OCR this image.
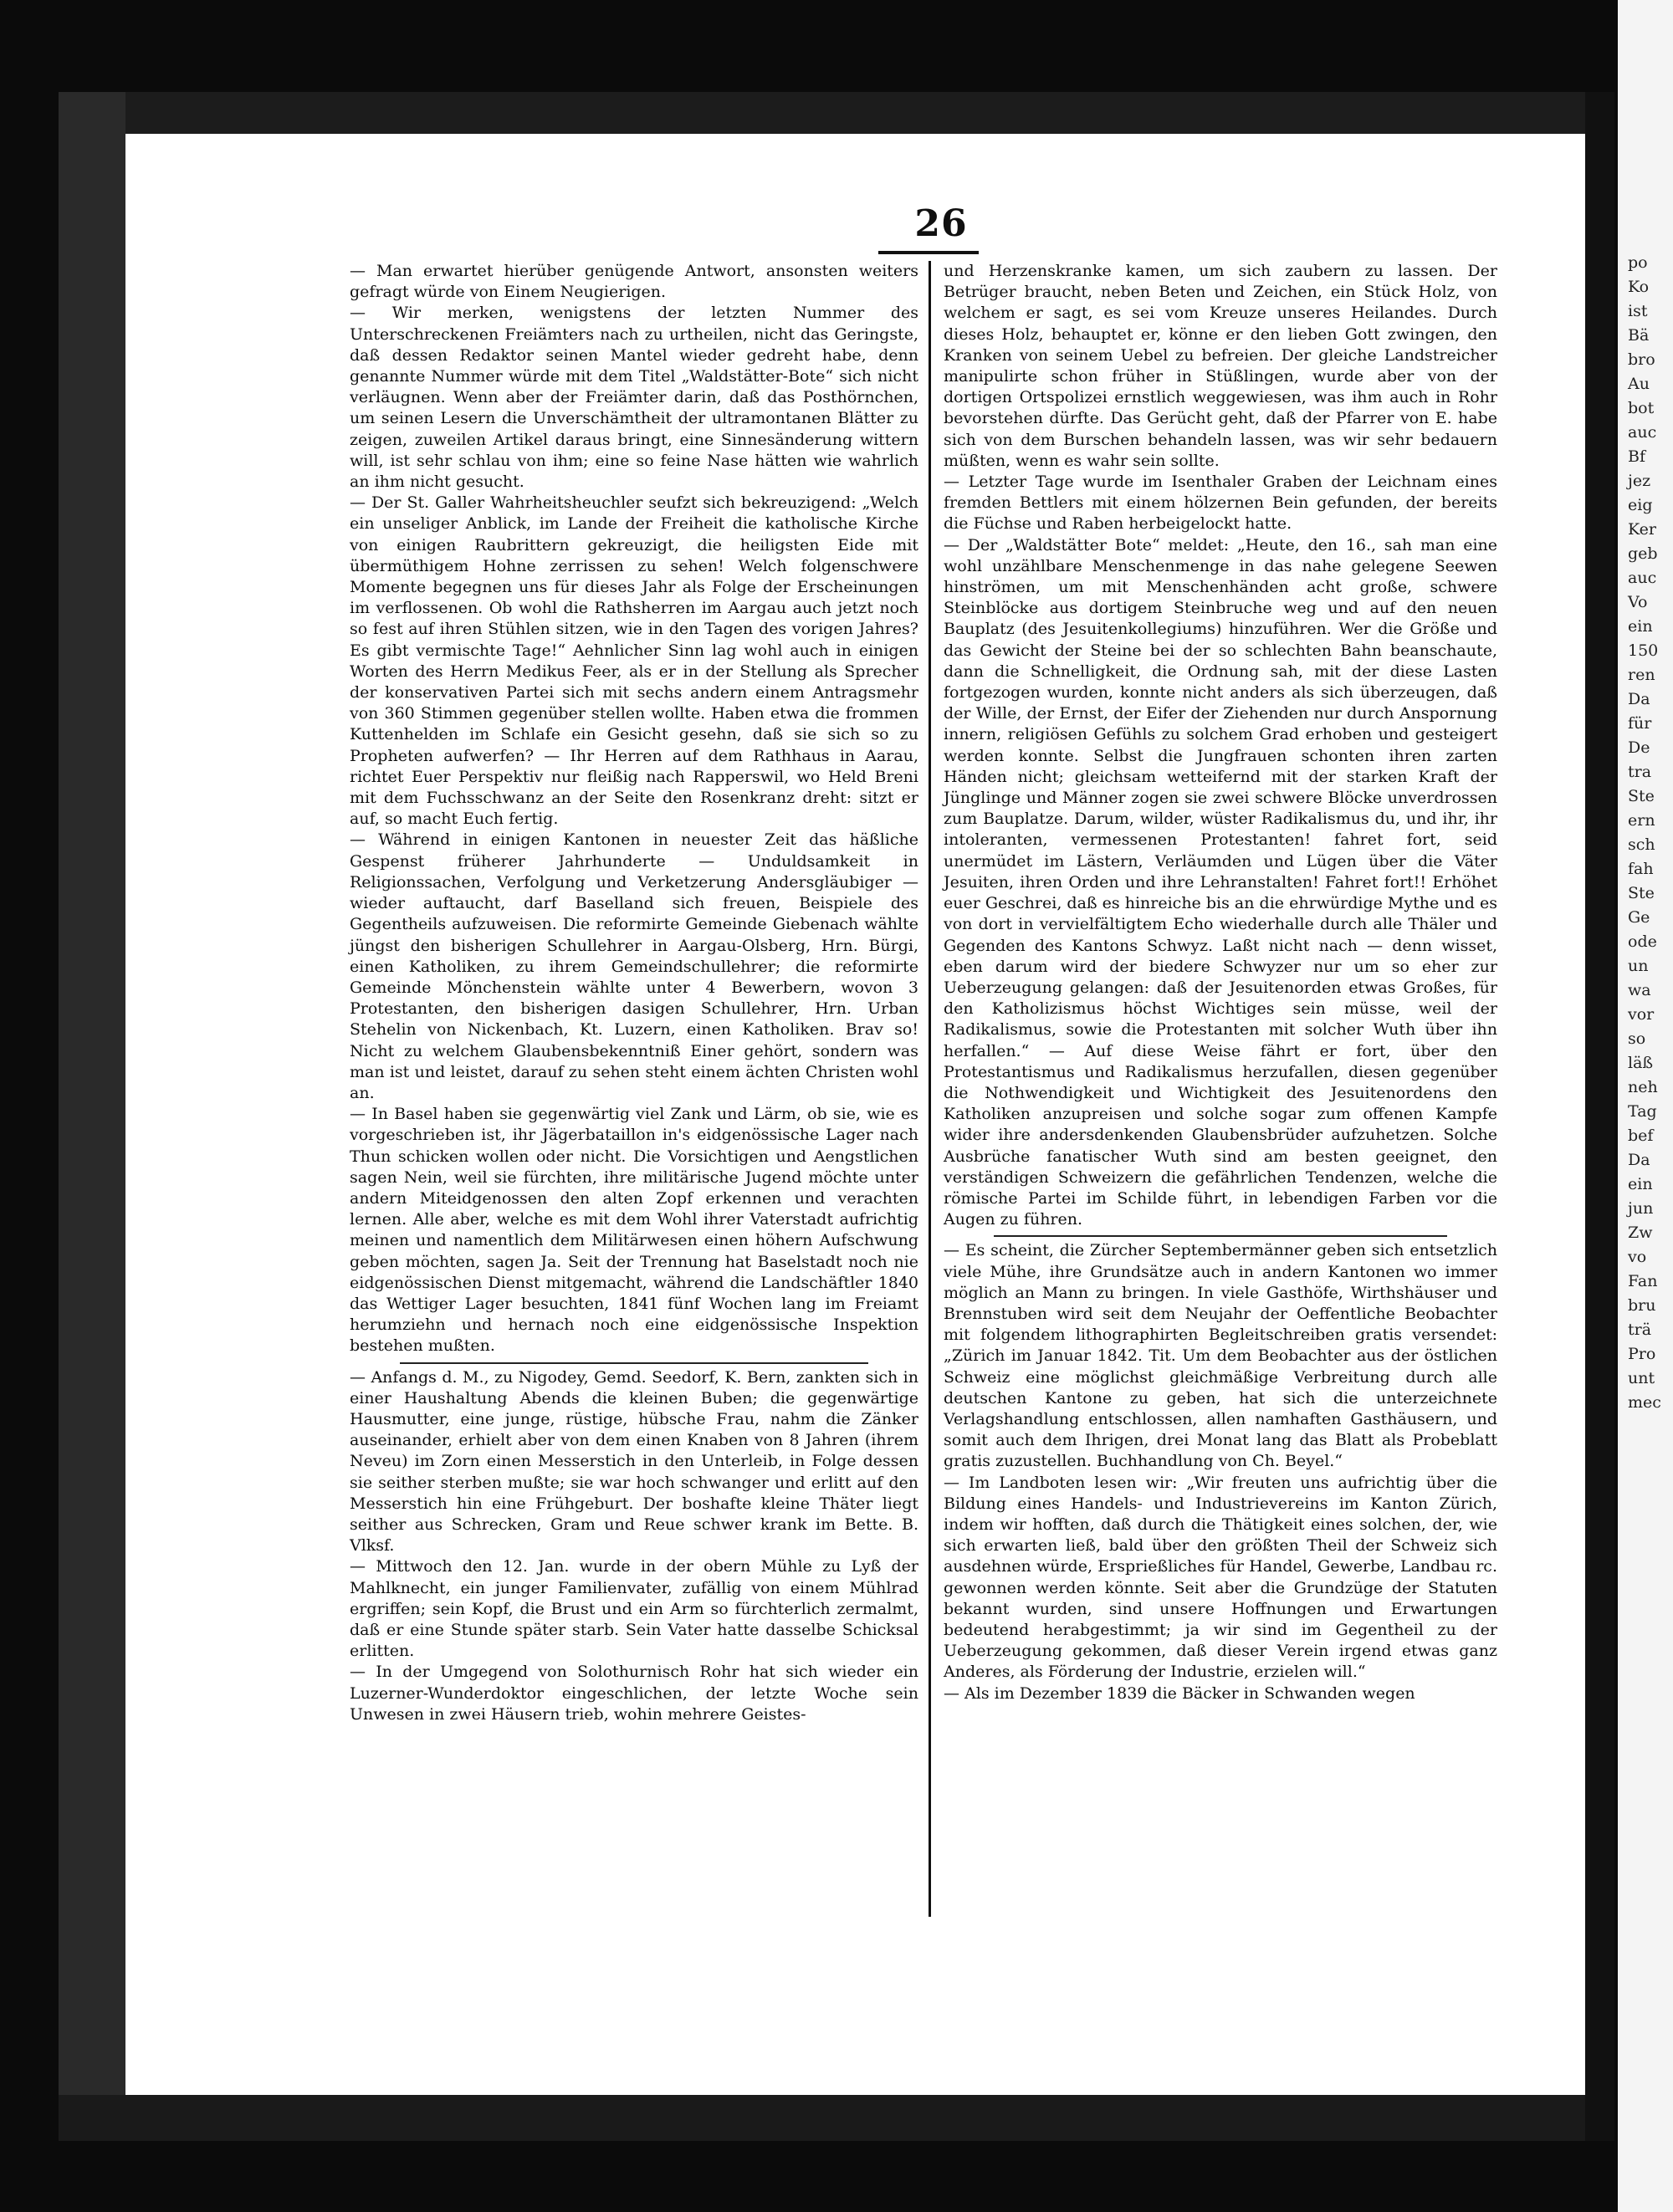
26

— Man erwartet hierüber genügende Antwort, ansonsten weiters gefragt würde von Einem Neugierigen.

— Wir merken, wenigstens der letzten Nummer des Unterschreckenen Freiämters nach zu urtheilen, nicht das Geringste, daß dessen Redaktor seinen Mantel wieder gedreht habe, denn genannte Nummer würde mit dem Titel „Waldstätter-Bote“ sich nicht verläugnen. Wenn aber der Freiämter darin, daß das Posthörnchen, um seinen Lesern die Unverschämtheit der ultramontanen Blätter zu zeigen, zuweilen Artikel daraus bringt, eine Sinnesänderung wittern will, ist sehr schlau von ihm; eine so feine Nase hätten wie wahrlich an ihm nicht gesucht.

— Der St. Galler Wahrheitsheuchler seufzt sich bekreuzigend: „Welch ein unseliger Anblick, im Lande der Freiheit die katholische Kirche von einigen Raubrittern gekreuzigt, die heiligsten Eide mit übermüthigem Hohne zerrissen zu sehen! Welch folgenschwere Momente begegnen uns für dieses Jahr als Folge der Erscheinungen im verflossenen. Ob wohl die Rathsherren im Aargau auch jetzt noch so fest auf ihren Stühlen sitzen, wie in den Tagen des vorigen Jahres? Es gibt vermischte Tage!“ Aehnlicher Sinn lag wohl auch in einigen Worten des Herrn Medikus Feer, als er in der Stellung als Sprecher der konservativen Partei sich mit sechs andern einem Antragsmehr von 360 Stimmen gegenüber stellen wollte. Haben etwa die frommen Kuttenhelden im Schlafe ein Gesicht gesehn, daß sie sich so zu Propheten aufwerfen? — Ihr Herren auf dem Rathhaus in Aarau, richtet Euer Perspektiv nur fleißig nach Rapperswil, wo Held Breni mit dem Fuchsschwanz an der Seite den Rosenkranz dreht: sitzt er auf, so macht Euch fertig.

— Während in einigen Kantonen in neuester Zeit das häßliche Gespenst früherer Jahrhunderte — Unduldsamkeit in Religionssachen, Verfolgung und Verketzerung Andersgläubiger — wieder auftaucht, darf Baselland sich freuen, Beispiele des Gegentheils aufzuweisen. Die reformirte Gemeinde Giebenach wählte jüngst den bisherigen Schullehrer in Aargau-Olsberg, Hrn. Bürgi, einen Katholiken, zu ihrem Gemeindschullehrer; die reformirte Gemeinde Mönchenstein wählte unter 4 Bewerbern, wovon 3 Protestanten, den bisherigen dasigen Schullehrer, Hrn. Urban Stehelin von Nickenbach, Kt. Luzern, einen Katholiken. Brav so! Nicht zu welchem Glaubensbekenntniß Einer gehört, sondern was man ist und leistet, darauf zu sehen steht einem ächten Christen wohl an.

— In Basel haben sie gegenwärtig viel Zank und Lärm, ob sie, wie es vorgeschrieben ist, ihr Jägerbataillon in's eidgenössische Lager nach Thun schicken wollen oder nicht. Die Vorsichtigen und Aengstlichen sagen Nein, weil sie fürchten, ihre militärische Jugend möchte unter andern Miteidgenossen den alten Zopf erkennen und verachten lernen. Alle aber, welche es mit dem Wohl ihrer Vaterstadt aufrichtig meinen und namentlich dem Militärwesen einen höhern Aufschwung geben möchten, sagen Ja. Seit der Trennung hat Baselstadt noch nie eidgenössischen Dienst mitgemacht, während die Landschäftler 1840 das Wettiger Lager besuchten, 1841 fünf Wochen lang im Freiamt herumziehn und hernach noch eine eidgenössische Inspektion bestehen mußten.

— Anfangs d. M., zu Nigodey, Gemd. Seedorf, K. Bern, zankten sich in einer Haushaltung Abends die kleinen Buben; die gegenwärtige Hausmutter, eine junge, rüstige, hübsche Frau, nahm die Zänker auseinander, erhielt aber von dem einen Knaben von 8 Jahren (ihrem Neveu) im Zorn einen Messerstich in den Unterleib, in Folge dessen sie seither sterben mußte; sie war hoch schwanger und erlitt auf den Messerstich hin eine Frühgeburt. Der boshafte kleine Thäter liegt seither aus Schrecken, Gram und Reue schwer krank im Bette. B. Vlksf.

— Mittwoch den 12. Jan. wurde in der obern Mühle zu Lyß der Mahlknecht, ein junger Familienvater, zufällig von einem Mühlrad ergriffen; sein Kopf, die Brust und ein Arm so fürchterlich zermalmt, daß er eine Stunde später starb. Sein Vater hatte dasselbe Schicksal erlitten.

— In der Umgegend von Solothurnisch Rohr hat sich wieder ein Luzerner-Wunderdoktor eingeschlichen, der letzte Woche sein Unwesen in zwei Häusern trieb, wohin mehrere Geistes-

und Herzenskranke kamen, um sich zaubern zu lassen. Der Betrüger braucht, neben Beten und Zeichen, ein Stück Holz, von welchem er sagt, es sei vom Kreuze unseres Heilandes. Durch dieses Holz, behauptet er, könne er den lieben Gott zwingen, den Kranken von seinem Uebel zu befreien. Der gleiche Landstreicher manipulirte schon früher in Stüßlingen, wurde aber von der dortigen Ortspolizei ernstlich weggewiesen, was ihm auch in Rohr bevorstehen dürfte. Das Gerücht geht, daß der Pfarrer von E. habe sich von dem Burschen behandeln lassen, was wir sehr bedauern müßten, wenn es wahr sein sollte.

— Letzter Tage wurde im Isenthaler Graben der Leichnam eines fremden Bettlers mit einem hölzernen Bein gefunden, der bereits die Füchse und Raben herbeigelockt hatte.

— Der „Waldstätter Bote“ meldet: „Heute, den 16., sah man eine wohl unzählbare Menschenmenge in das nahe gelegene Seewen hinströmen, um mit Menschenhänden acht große, schwere Steinblöcke aus dortigem Steinbruche weg und auf den neuen Bauplatz (des Jesuitenkollegiums) hinzuführen. Wer die Größe und das Gewicht der Steine bei der so schlechten Bahn beanschaute, dann die Schnelligkeit, die Ordnung sah, mit der diese Lasten fortgezogen wurden, konnte nicht anders als sich überzeugen, daß der Wille, der Ernst, der Eifer der Ziehenden nur durch Anspornung innern, religiösen Gefühls zu solchem Grad erhoben und gesteigert werden konnte. Selbst die Jungfrauen schonten ihren zarten Händen nicht; gleichsam wetteifernd mit der starken Kraft der Jünglinge und Männer zogen sie zwei schwere Blöcke unverdrossen zum Bauplatze. Darum, wilder, wüster Radikalismus du, und ihr, ihr intoleranten, vermessenen Protestanten! fahret fort, seid unermüdet im Lästern, Verläumden und Lügen über die Väter Jesuiten, ihren Orden und ihre Lehranstalten! Fahret fort!! Erhöhet euer Geschrei, daß es hinreiche bis an die ehrwürdige Mythe und es von dort in vervielfältigtem Echo wiederhalle durch alle Thäler und Gegenden des Kantons Schwyz. Laßt nicht nach — denn wisset, eben darum wird der biedere Schwyzer nur um so eher zur Ueberzeugung gelangen: daß der Jesuitenorden etwas Großes, für den Katholizismus höchst Wichtiges sein müsse, weil der Radikalismus, sowie die Protestanten mit solcher Wuth über ihn herfallen.“ — Auf diese Weise fährt er fort, über den Protestantismus und Radikalismus herzufallen, diesen gegenüber die Nothwendigkeit und Wichtigkeit des Jesuitenordens den Katholiken anzupreisen und solche sogar zum offenen Kampfe wider ihre andersdenkenden Glaubensbrüder aufzuhetzen. Solche Ausbrüche fanatischer Wuth sind am besten geeignet, den verständigen Schweizern die gefährlichen Tendenzen, welche die römische Partei im Schilde führt, in lebendigen Farben vor die Augen zu führen.

— Es scheint, die Zürcher Septembermänner geben sich entsetzlich viele Mühe, ihre Grundsätze auch in andern Kantonen wo immer möglich an Mann zu bringen. In viele Gasthöfe, Wirthshäuser und Brennstuben wird seit dem Neujahr der Oeffentliche Beobachter mit folgendem lithographirten Begleitschreiben gratis versendet: „Zürich im Januar 1842. Tit. Um dem Beobachter aus der östlichen Schweiz eine möglichst gleichmäßige Verbreitung durch alle deutschen Kantone zu geben, hat sich die unterzeichnete Verlagshandlung entschlossen, allen namhaften Gasthäusern, und somit auch dem Ihrigen, drei Monat lang das Blatt als Probeblatt gratis zuzustellen. Buchhandlung von Ch. Beyel.“

— Im Landboten lesen wir: „Wir freuten uns aufrichtig über die Bildung eines Handels- und Industrievereins im Kanton Zürich, indem wir hofften, daß durch die Thätigkeit eines solchen, der, wie sich erwarten ließ, bald über den größten Theil der Schweiz sich ausdehnen würde, Ersprießliches für Handel, Gewerbe, Landbau rc. gewonnen werden könnte. Seit aber die Grundzüge der Statuten bekannt wurden, sind unsere Hoffnungen und Erwartungen bedeutend herabgestimmt; ja wir sind im Gegentheil zu der Ueberzeugung gekommen, daß dieser Verein irgend etwas ganz Anderes, als Förderung der Industrie, erzielen will.“

— Als im Dezember 1839 die Bäcker in Schwanden wegen

po
Ko
ist
Bä
bro
Au
bot
auc
Bf
jez
eig
Ker
geb
auc
Vo
ein
150
ren
Da
für
De
tra
Ste
ern
sch
fah
Ste
Ge
ode
un
wa
vor
so
läß
neh
Tag
bef
Da
ein
jun
Zw
vo
Fan
bru
trä
Pro
unt
mec
